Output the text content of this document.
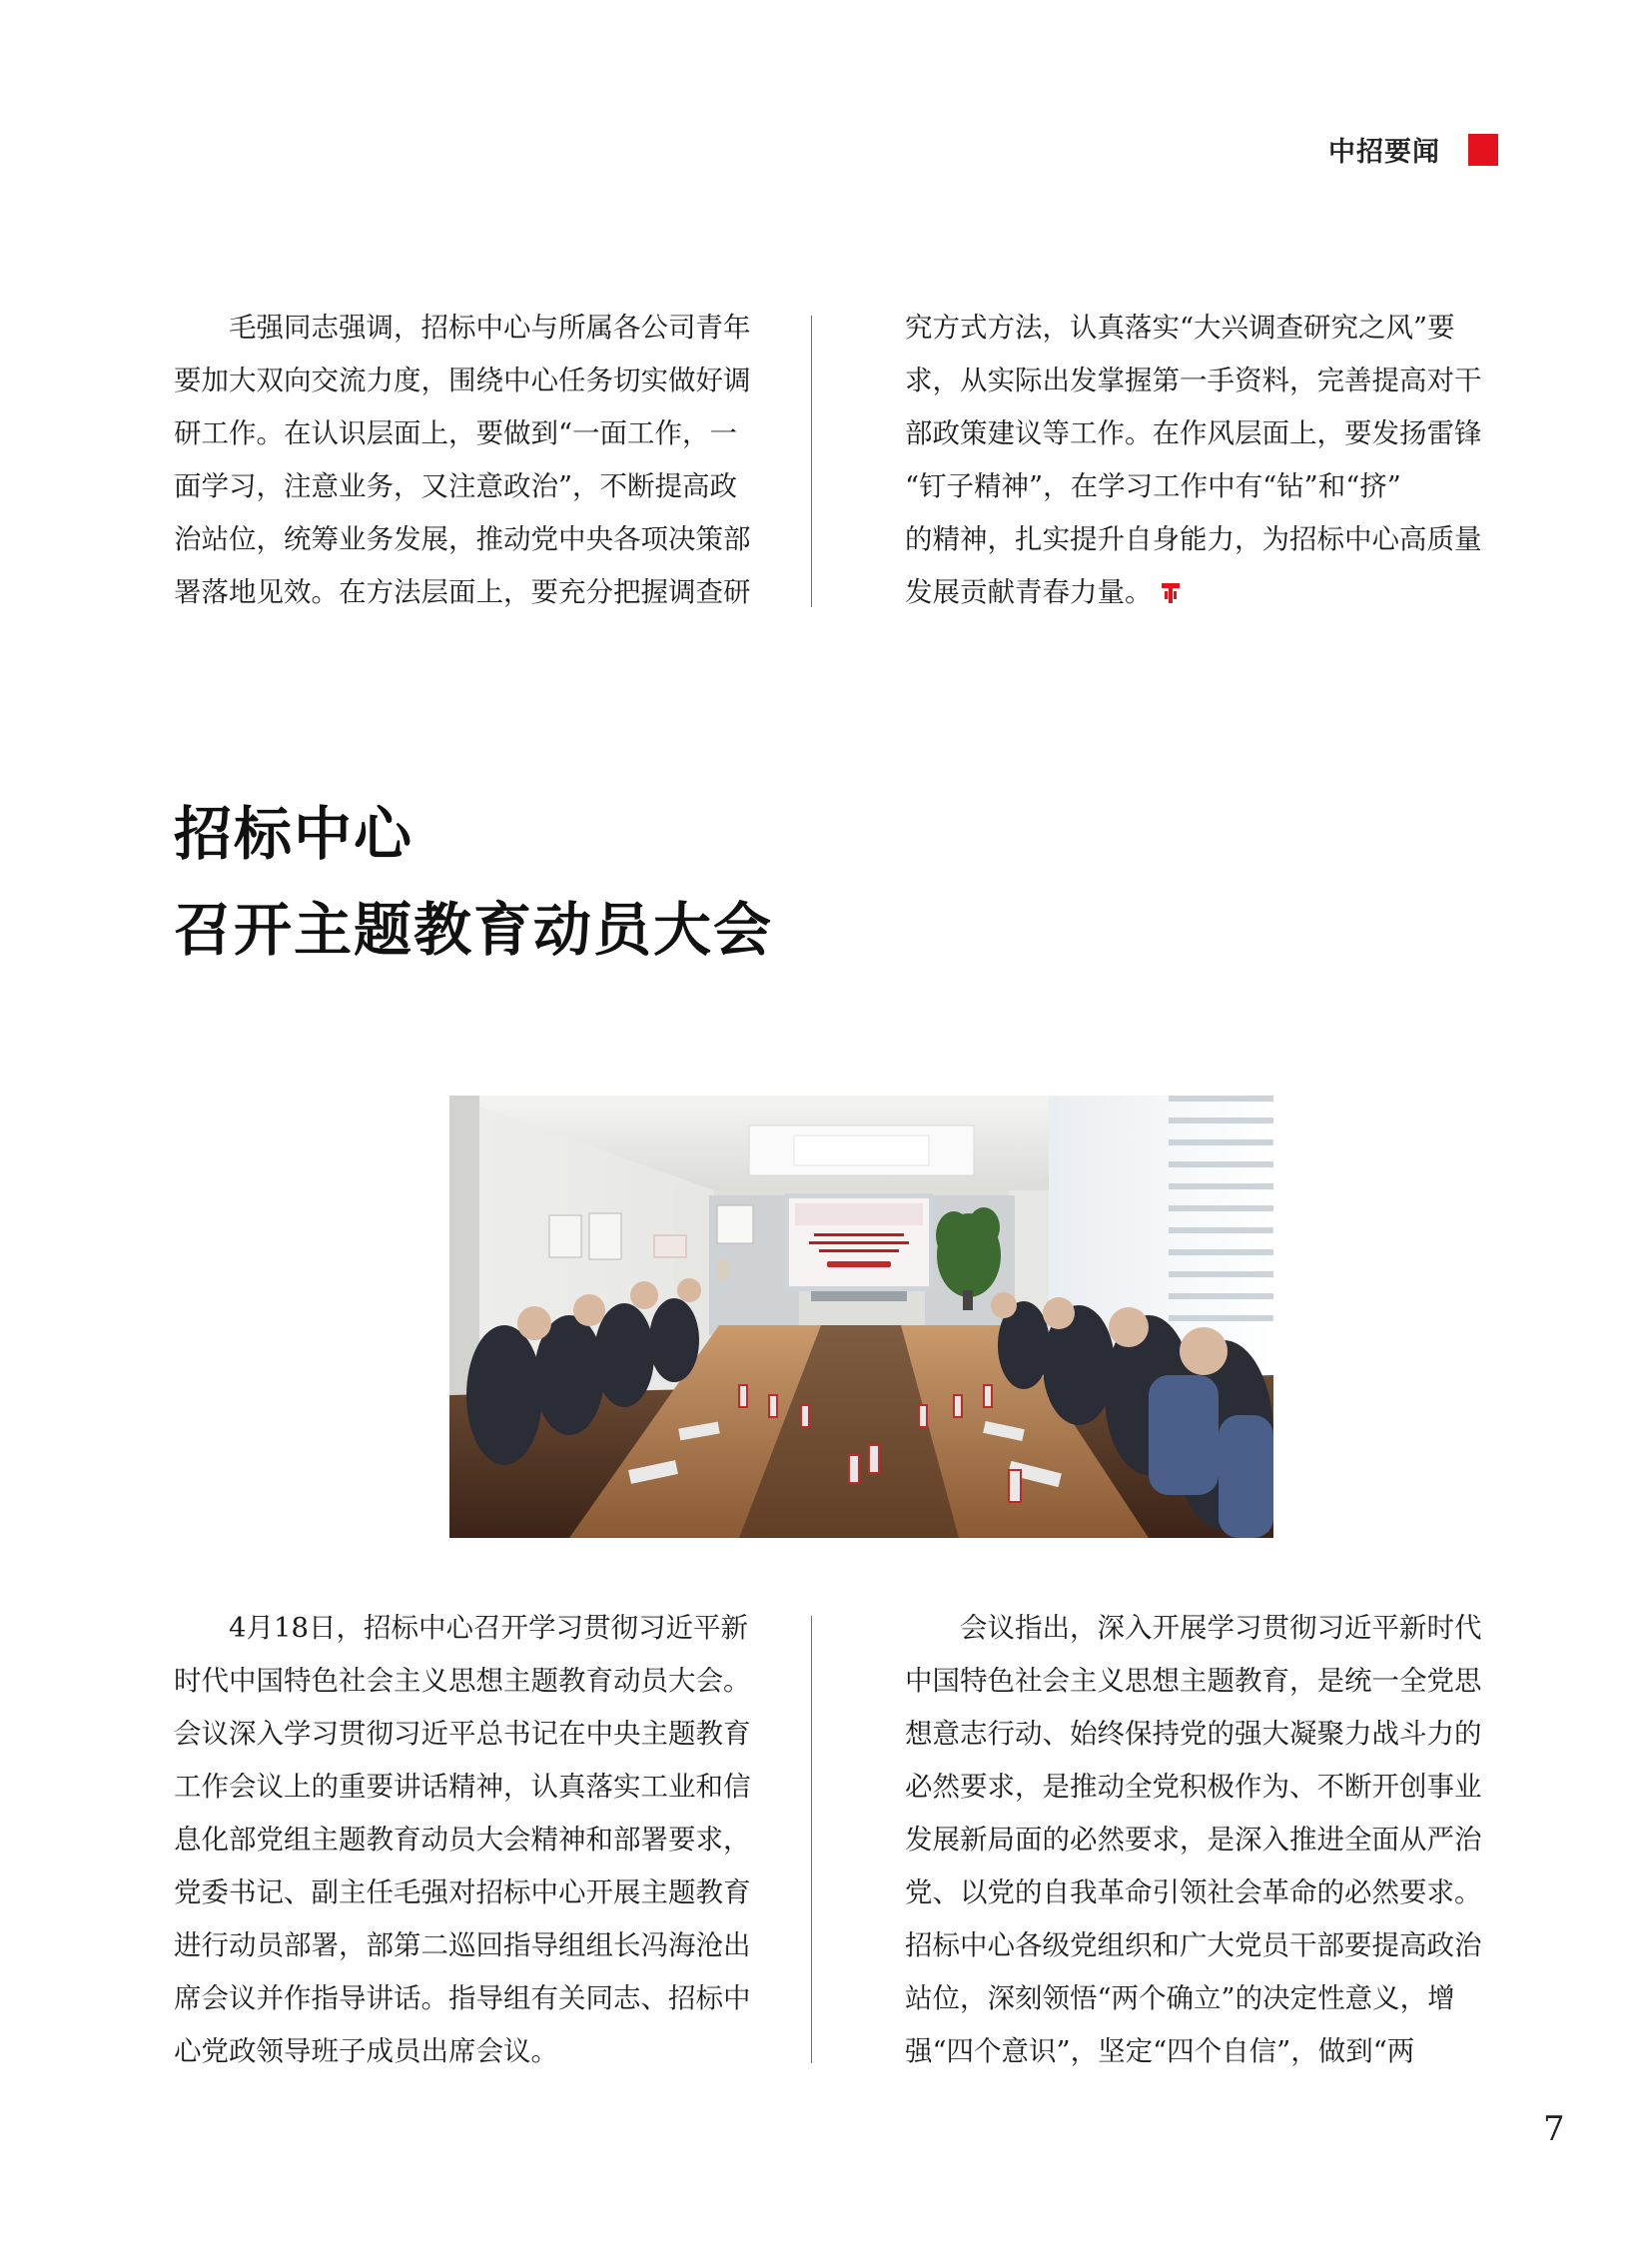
中招要闻

毛强同志强调，招标中心与所属各公司青年

要加大双向交流力度，围绕中心任务切实做好调

研工作。在认识层面上，要做到“一面工作，一

面学习，注意业务，又注意政治”，不断提高政

治站位，统筹业务发展，推动党中央各项决策部

署落地见效。在方法层面上，要充分把握调查研

究方式方法，认真落实“大兴调查研究之风”要

求，从实际出发掌握第一手资料，完善提高对干

部政策建议等工作。在作风层面上，要发扬雷锋

“钉子精神”，在学习工作中有“钻”和“挤”

的精神，扎实提升自身能力，为招标中心高质量

发展贡献青春力量。

招标中心
召开主题教育动员大会

4月18日，招标中心召开学习贯彻习近平新

时代中国特色社会主义思想主题教育动员大会。

会议深入学习贯彻习近平总书记在中央主题教育

工作会议上的重要讲话精神，认真落实工业和信

息化部党组主题教育动员大会精神和部署要求，

党委书记、副主任毛强对招标中心开展主题教育

进行动员部署，部第二巡回指导组组长冯海沧出

席会议并作指导讲话。指导组有关同志、招标中

心党政领导班子成员出席会议。

会议指出，深入开展学习贯彻习近平新时代

中国特色社会主义思想主题教育，是统一全党思

想意志行动、始终保持党的强大凝聚力战斗力的

必然要求，是推动全党积极作为、不断开创事业

发展新局面的必然要求，是深入推进全面从严治

党、以党的自我革命引领社会革命的必然要求。

招标中心各级党组织和广大党员干部要提高政治

站位，深刻领悟“两个确立”的决定性意义，增

强“四个意识”，坚定“四个自信”，做到“两

7
